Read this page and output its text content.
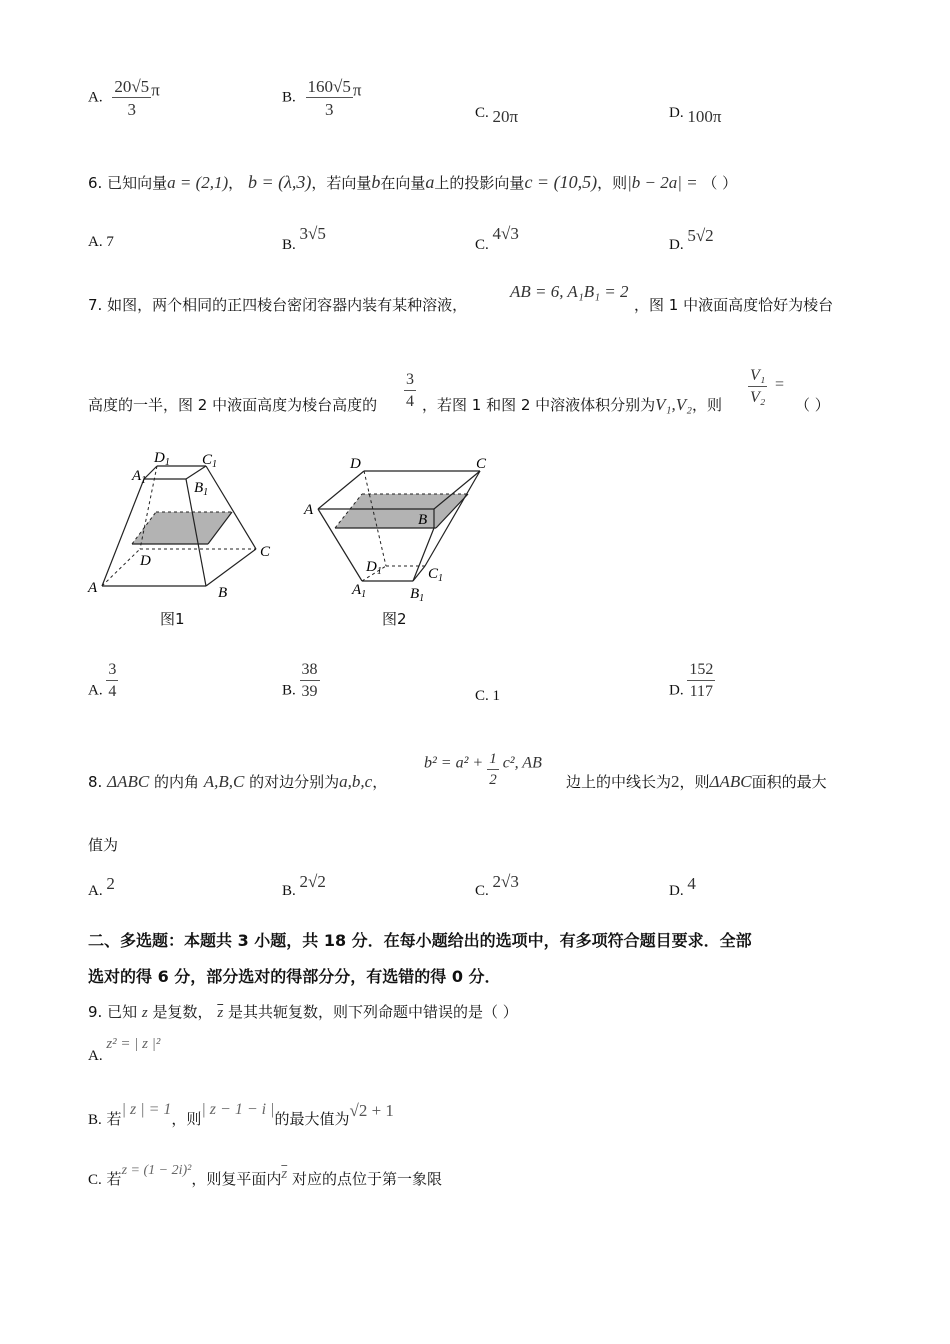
A. $\frac{20√5}{3}$ π	B. $\frac{160√5}{3}$ π
C. 20π	D. 100π
6. 已知向量a = (2,1)， b = (λ,3)，若向量b在向量a上的投影向量c = (10,5)，则|b − 2a| = （ ）
A. 7	B. 3√5
C. 4√3
D. 5√2
7. 如图，两个相同的正四棱台密闭容器内装有某种溶液，
AB = 6, A₁B₁ = 2
，图 1 中液面高度恰好为棱台
高度的一半，图 2 中液面高度为棱台高度的 $\frac{3}{4}$ ，若图 1 和图 2 中溶液体积分别为V₁,V₂，则 $\frac{\text{V₁}}{\text{V₂}}$ =
（ ）
$D_1$ $C_1$
$A_1$	$B_1$
D
C
A	B
图1
D	C
A
B
$D_1$	$C_1$
$A_1$	$B_1$
图2
A. $\frac{3}{4}$	B. $\frac{38}{39}$	C. 1	D. $\frac{152}{117}$
8. ΔABC 的内角 A,B,C 的对边分别为a,b,c，
$b^2 = a^2 + \frac{1}{2} c^2$, AB
边上的中线长为2，则ΔABC面积的最大
值为
A. 2	B. 2√2	C. 2√3	D. 4
二、多选题：本题共 3 小题，共 18 分．在每小题给出的选项中，有多项符合题目要求．全部
选对的得 6 分，部分选对的得部分分，有选错的得 0 分．
9. 已知 z 是复数， $\overline{z}$ 是其共轭复数，则下列命题中错误的是（ ）
A. z² = | z |²
B. 若| z | = 1，则| z − 1 − i |的最大值为√2 + 1
C. 若z = (1 − 2i)²，则复平面内$\overline{z}$ 对应的点位于第一象限
